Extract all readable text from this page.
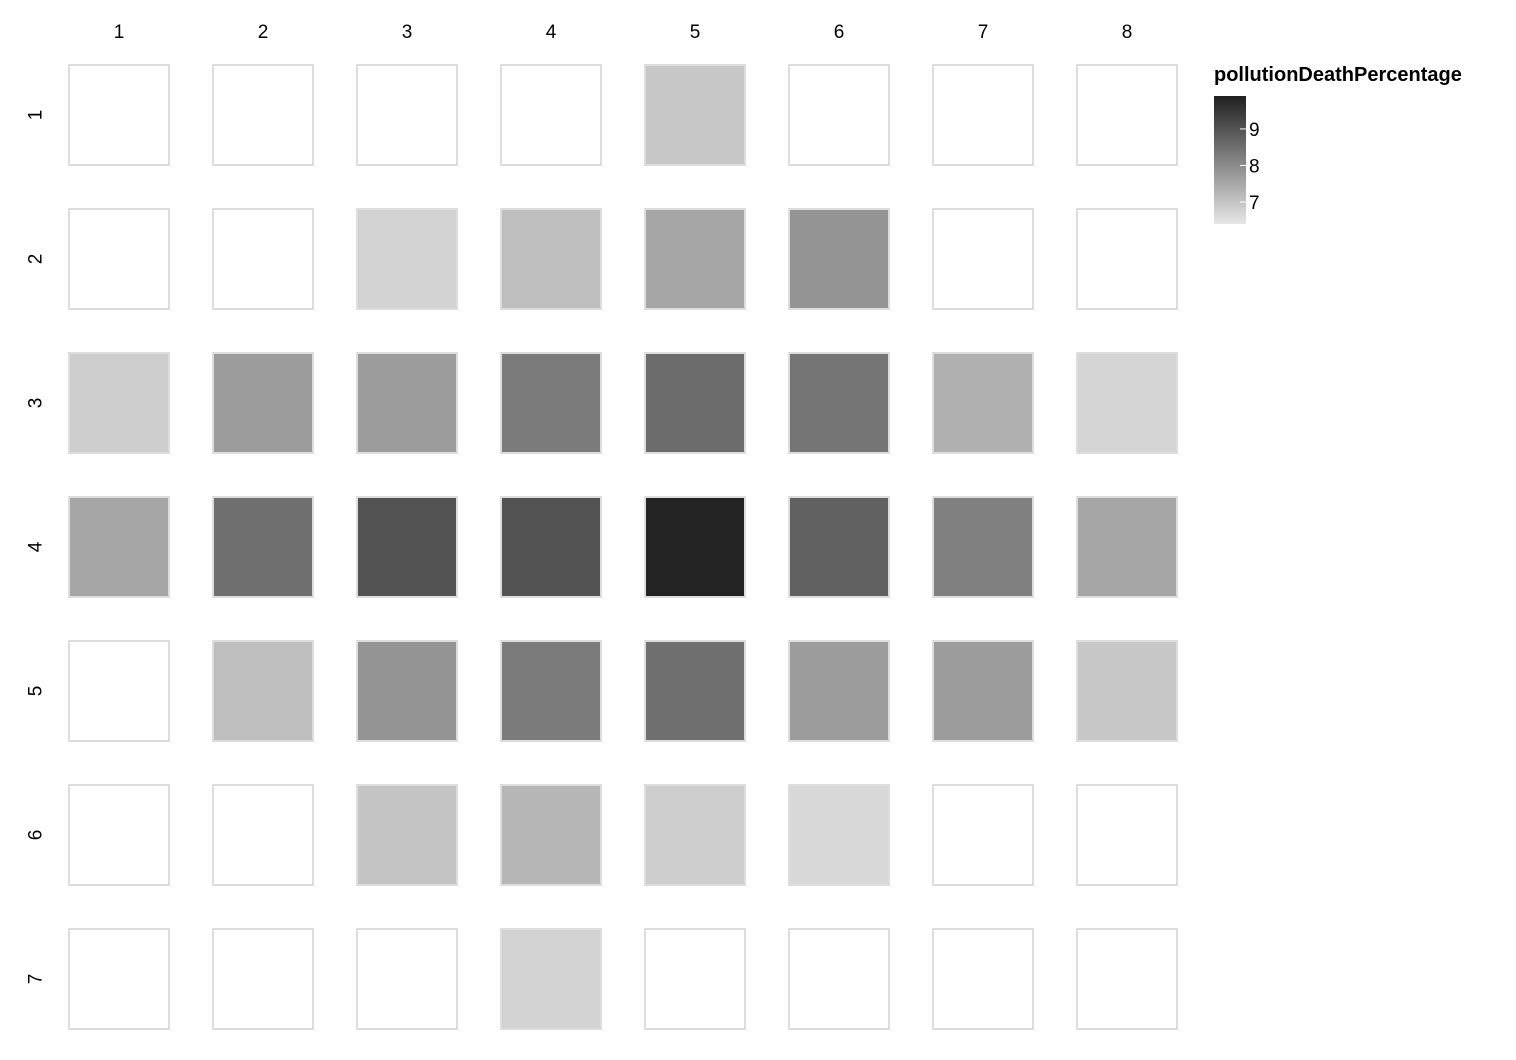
1	2	3	4	5	6	7	8
1
2
3
4
5
6
7
pollutionDeathPercentage
9
8
7
